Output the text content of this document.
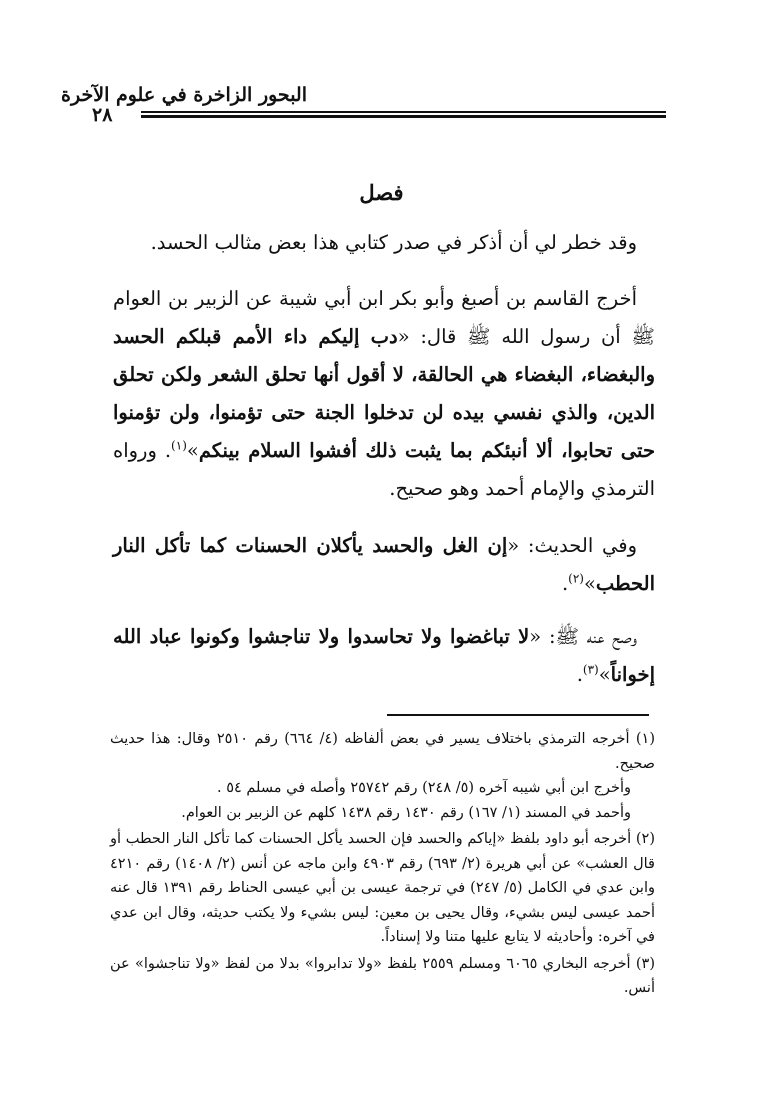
البحور الزاخرة في علوم الآخرة
٢٨
فصل

وقد خطر لي أن أذكر في صدر كتابي هذا بعض مثالب الحسد.

أخرج القاسم بن أصبغ وأبو بكر ابن أبي شيبة عن الزبير بن العوام ﷺ أن رسول الله ﷺ قال: «دب إليكم داء الأمم قبلكم الحسد والبغضاء، البغضاء هي الحالقة، لا أقول أنها تحلق الشعر ولكن تحلق الدين، والذي نفسي بيده لن تدخلوا الجنة حتى تؤمنوا، ولن تؤمنوا حتى تحابوا، ألا أنبئكم بما يثبت ذلك أفشوا السلام بينكم»$^{(١)}$. ورواه الترمذي والإمام أحمد وهو صحيح.

وفي الحديث: «إن الغل والحسد يأكلان الحسنات كما تأكل النار الحطب»$^{(٢)}$.

وصح عنه ﷺ: «لا تباغضوا ولا تحاسدوا ولا تناجشوا وكونوا عباد الله إخواناً»$^{(٣)}$.

(١) أخرجه الترمذي باختلاف يسير في بعض ألفاظه (٤/ ٦٦٤) رقم ٢٥١٠ وقال: هذا حديث صحيح.
وأخرج ابن أبي شيبه آخره (٥/ ٢٤٨) رقم ٢٥٧٤٢ وأصله في مسلم ٥٤ .
وأحمد في المسند (١/ ١٦٧) رقم ١٤٣٠ رقم ١٤٣٨ كلهم عن الزبير بن العوام.
(٢) أخرجه أبو داود بلفظ «إياكم والحسد فإن الحسد يأكل الحسنات كما تأكل النار الحطب أو قال العشب» عن أبي هريرة (٢/ ٦٩٣) رقم ٤٩٠٣ وابن ماجه عن أنس (٢/ ١٤٠٨) رقم ٤٢١٠ وابن عدي في الكامل (٥/ ٢٤٧) في ترجمة عيسى بن أبي عيسى الحناط رقم ١٣٩١ قال عنه أحمد عيسى ليس بشيء، وقال يحيى بن معين: ليس بشيء ولا يكتب حديثه، وقال ابن عدي في آخره: وأحاديثه لا يتابع عليها متنا ولا إسناداً.
(٣) أخرجه البخاري ٦٠٦٥ ومسلم ٢٥٥٩ بلفظ «ولا تدابروا» بدلا من لفظ «ولا تناجشوا» عن أنس.
